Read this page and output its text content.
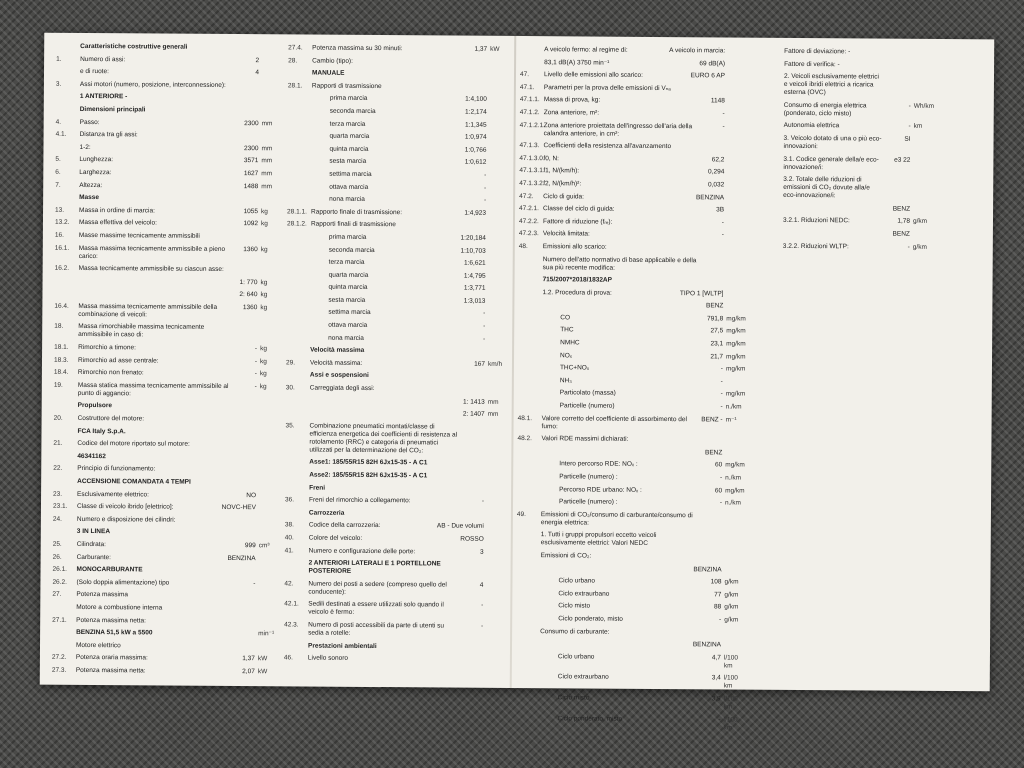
Caratteristiche costruttive generali
1.	Numero di assi:	2
e di ruote:	4
3.	Assi motori (numero, posizione, interconnessione):
1 ANTERIORE -
Dimensioni principali
4.	Passo:	2300 mm
4.1.	Distanza tra gli assi:
1-2:	2300 mm
5.	Lunghezza:	3571 mm
6.	Larghezza:	1627 mm
7.	Altezza:	1488 mm
Masse
13.	Massa in ordine di marcia:	1055 kg
13.2.	Massa effettiva del veicolo:	1092 kg
16.	Masse massime tecnicamente ammissibili
16.1.	Massa massima tecnicamente ammissibile a pieno carico:
1360 kg
16.2.	Massa tecnicamente ammissibile su ciascun asse:
1: 770 kg
2: 640 kg
16.4.	Massa massima tecnicamente ammissibile della combinazione di veicoli:
1360 kg
18.	Massa rimorchiabile massima tecnicamente ammissibile in caso di:
18.1.	Rimorchio a timone:	- kg
18.3.	Rimorchio ad asse centrale:	- kg
18.4.	Rimorchio non frenato:	- kg
19.	Massa statica massima tecnicamente ammissibile al punto di aggancio:
- kg
Propulsore
20.	Costruttore del motore:
FCA Italy S.p.A.
21.	Codice del motore riportato sul motore:
46341162
22.	Principio di funzionamento:
ACCENSIONE COMANDATA 4 TEMPI
23.	Esclusivamente elettrico:	NO
23.1.	Classe di veicolo ibrido [elettrico]:	NOVC-HEV
24.	Numero e disposizione dei cilindri:
3 IN LINEA
25.	Cilindrata:	999 cm³
26.	Carburante:	BENZINA
26.1.	MONOCARBURANTE
26.2.	(Solo doppia alimentazione) tipo	-
27.	Potenza massima
Motore a combustione interna
27.1.	Potenza massima netta:
BENZINA 51,5 kW a 5500	min⁻¹
Motore elettrico
27.2.	Potenza oraria massima:	1,37 kW
27.3.	Potenza massima netta:	2,07 kW
27.4.	Potenza massima su 30 minuti:	1,37 kW
28.	Cambio (tipo):
MANUALE
28.1.	Rapporti di trasmissione
prima marcia	1:4,100
seconda marcia	1:2,174
terza marcia	1:1,345
quarta marcia	1:0,974
quinta marcia	1:0,766
sesta marcia	1:0,612
settima marcia	-
ottava marcia	-
nona marcia	-
28.1.1. Rapporto finale di trasmissione:	1:4,923
28.1.2. Rapporti finali di trasmissione
prima marcia	1:20,184
seconda marcia	1:10,703
terza marcia	1:6,621
quarta marcia	1:4,795
quinta marcia	1:3,771
sesta marcia	1:3,013
settima marcia	-
ottava marcia	-
nona marcia	-
Velocità massima
29.	Velocità massima:	167 km/h
Assi e sospensioni
30.	Carreggiata degli assi:
1: 1413 mm
2: 1407 mm
35.	Combinazione pneumatici montati/classe di efficienza energetica dei coefficienti di resistenza al rotolamento (RRC) e categoria di pneumatici utilizzati per la determinazione del CO₂:
Asse1: 185/55R15 82H 6Jx15-35 - A C1
Asse2: 185/55R15 82H 6Jx15-35 - A C1
Freni
36.	Freni del rimorchio a collegamento:	-
Carrozzeria
38.	Codice della carrozzeria:	AB - Due volumi
40.	Colore del veicolo:	ROSSO
41.	Numero e configurazione delle porte:	3
2 ANTERIORI LATERALI E 1 PORTELLONE POSTERIORE
42.	Numero dei posti a sedere (compreso quello del conducente):
4
42.1.	Sedili destinati a essere utilizzati solo quando il veicolo è fermo:
-
42.3.	Numero di posti accessibili da parte di utenti su sedia a rotelle:
-
Prestazioni ambientali
46.	Livello sonoro
A veicolo fermo: al regime di:	A veicolo in marcia:
83,1 dB(A) 3750 min⁻¹	69 dB(A)
47.	Livello delle emissioni allo scarico:	EURO 6 AP
47.1.	Parametri per la prova delle emissioni di Vₙₐ
47.1.1. Massa di prova, kg:	1148
47.1.2. Zona anteriore, m²:	-
47.1.2.1.
Zona anteriore proiettata dell'ingresso dell'aria della calandra anteriore, in cm²:
-
47.1.3. Coefficienti della resistenza all'avanzamento
47.1.3.0.
f0, N:	62,2
47.1.3.1.
f1, N/(km/h):	0,294
47.1.3.2.
f2, N/(km/h)²:	0,032
47.2.	Ciclo di guida:	BENZINA
47.2.1. Classe del ciclo di guida:	3B
47.2.2. Fattore di riduzione (fᵣₑ):	-
47.2.3. Velocità limitata:	-
48.	Emissioni allo scarico:
Numero dell'atto normativo di base applicabile e della sua più recente modifica:
715/2007*2018/1832AP
1.2. Procedura di prova:	TIPO 1 [WLTP]
BENZ
CO	791,8 mg/km
THC	27,5 mg/km
NMHC	23,1 mg/km
NOₓ	21,7 mg/km
THC+NOₓ	- mg/km
NH₃	-
Particolato (massa)	- mg/km
Particelle (numero)	- n./km
48.1.	Valore corretto del coefficiente di assorbimento del fumo:
BENZ - m⁻¹
48.2.	Valori RDE massimi dichiarati:
BENZ
Intero percorso RDE: NOₓ :	60 mg/km
Particelle (numero) :	- n./km
Percorso RDE urbano: NOₓ :	60 mg/km
Particelle (numero) :	- n./km
49.	Emissioni di CO₂/consumo di carburante/consumo di energia elettrica:
1. Tutti i gruppi propulsori eccetto veicoli esclusivamente elettrici: Valori NEDC
Emissioni di CO₂:
BENZINA
Ciclo urbano	108 g/km
Ciclo extraurbano	77 g/km
Ciclo misto	88 g/km
Ciclo ponderato, misto	- g/km
Consumo di carburante:
BENZINA
Ciclo urbano	4,7 l/100 km
Ciclo extraurbano	3,4 l/100 km
Ciclo misto	3,9 l/100 km
Ciclo ponderato, misto	- l/100 km
Fattore di deviazione: -
Fattore di verifica: -
2. Veicoli esclusivamente elettrici e veicoli ibridi elettrici a ricarica esterna (OVC)
Consumo di energia elettrica (ponderato, ciclo misto)
- Wh/km
Autonomia elettrica	- km
3. Veicolo dotato di una o più eco-innovazioni:
SI
3.1. Codice generale della/e eco-innovazione/i:
e3 22
3.2. Totale delle riduzioni di emissioni di CO₂ dovute alla/e eco-innovazione/i:
BENZ
3.2.1. Riduzioni NEDC:	1,78 g/km
BENZ
3.2.2. Riduzioni WLTP:	- g/km
